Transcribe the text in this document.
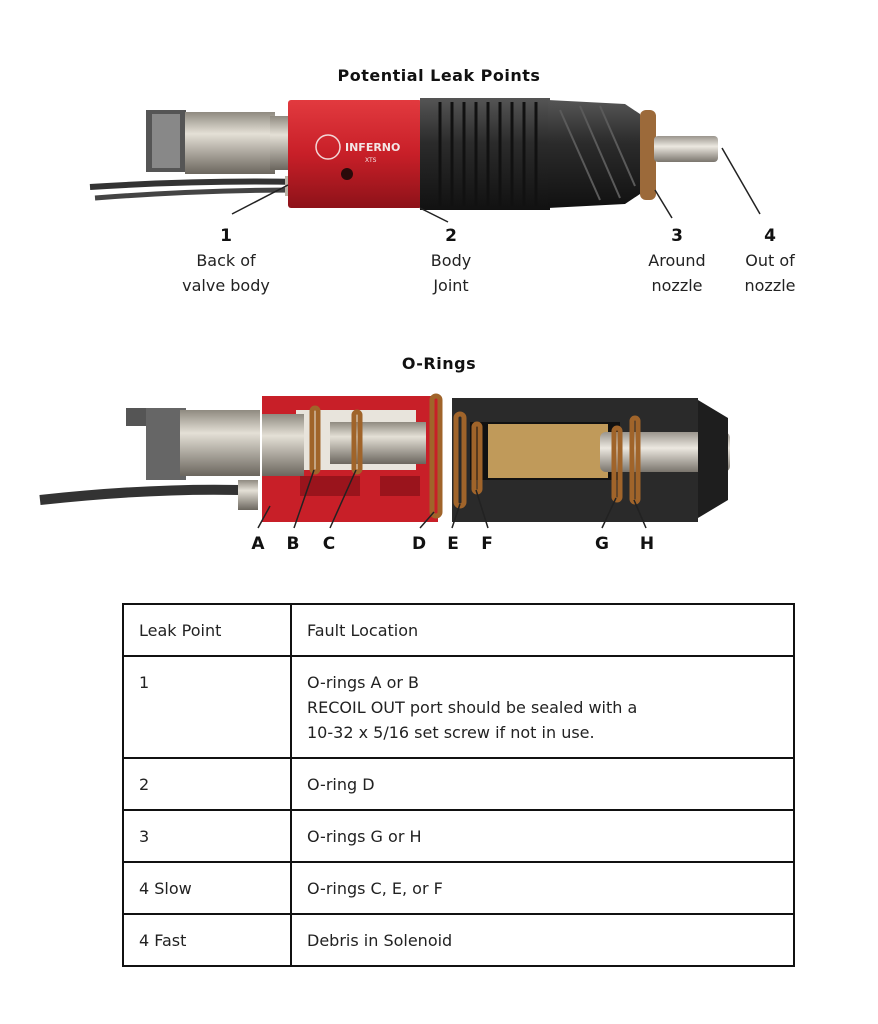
Potential Leak Points
INFERNO
XTS
1
Back of
valve body
2
Body
Joint
3
Around
nozzle
4
Out of
nozzle
O-Rings
A	B	C	D	E	F	G H
Leak Point	Fault Location
1	O-rings A or B
RECOIL OUT port should be sealed with a
10-32 x 5/16 set screw if not in use.

2	O-ring D
3	O-rings G or H
4 Slow	O-rings C, E, or F
4 Fast	Debris in Solenoid
